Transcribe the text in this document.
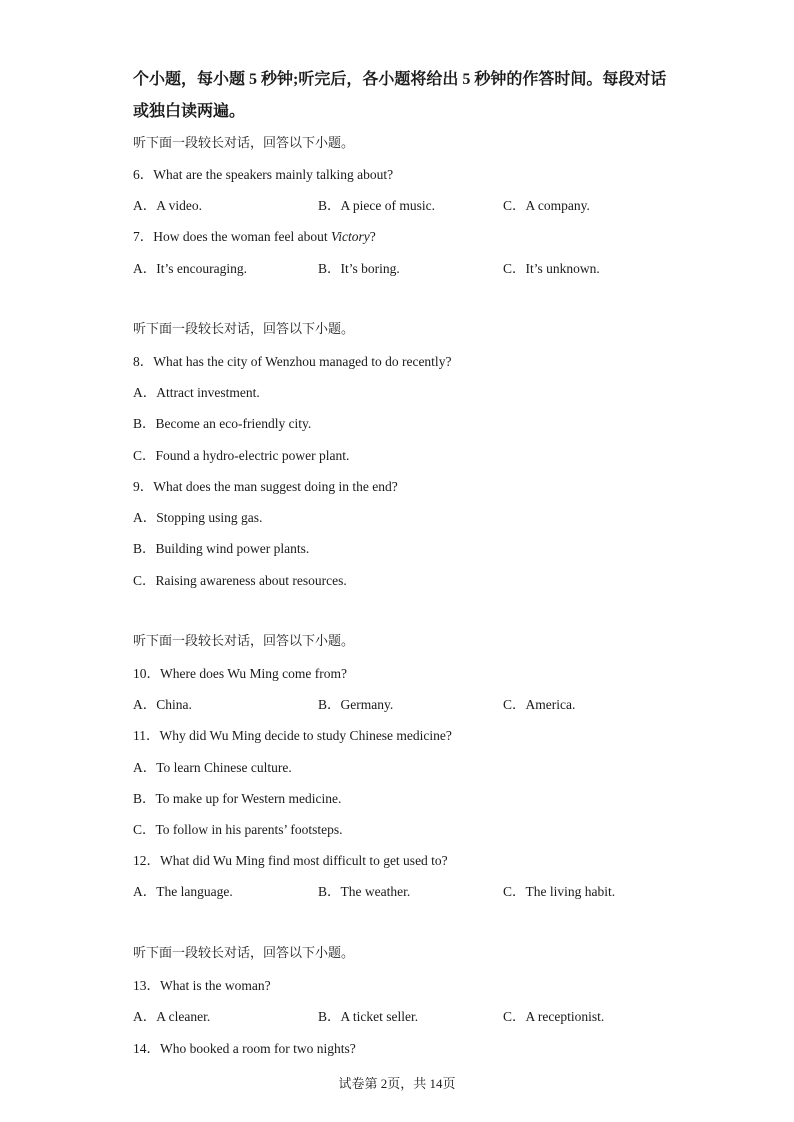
个小题，每小题 5 秒钟;听完后，各小题将给出 5 秒钟的作答时间。每段对话
或独白读两遍。
听下面一段较长对话，回答以下小题。
6．What are the speakers mainly talking about?
A．A video.	B．A piece of music.	C．A company.
7．How does the woman feel about Victory?
A．It’s encouraging.	B．It’s boring.	C．It’s unknown.
听下面一段较长对话，回答以下小题。
8．What has the city of Wenzhou managed to do recently?
A．Attract investment.
B．Become an eco-friendly city.
C．Found a hydro-electric power plant.
9．What does the man suggest doing in the end?
A．Stopping using gas.
B．Building wind power plants.
C．Raising awareness about resources.
听下面一段较长对话，回答以下小题。
10．Where does Wu Ming come from?
A．China.	B．Germany.	C．America.
11．Why did Wu Ming decide to study Chinese medicine?
A．To learn Chinese culture.
B．To make up for Western medicine.
C．To follow in his parents’ footsteps.
12．What did Wu Ming find most difficult to get used to?
A．The language.	B．The weather.	C．The living habit.
听下面一段较长对话，回答以下小题。
13．What is the woman?
A．A cleaner.	B．A ticket seller.	C．A receptionist.
14．Who booked a room for two nights?
试卷第 2页，共 14页
